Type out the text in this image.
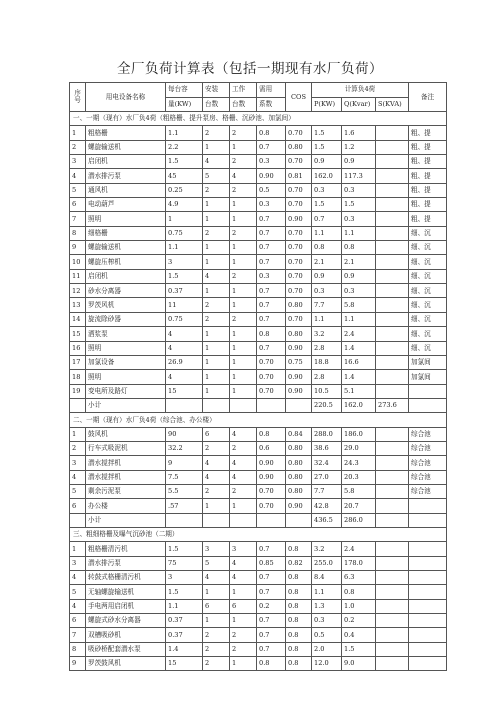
全厂负荷计算表（包括一期现有水厂负荷）
序
号	用电设备名称	每台容	安装	工作	需用	COS	计算负4荷			备注
		量(KW)	台数	台数	系数		P(KW)	Q(Kvar)	S(KVA)	
一、一期（现有）水厂负4荷（粗格栅、提升泵房、格栅、沉砂池、加氯间）										
1	粗格栅	1.1	2	2	0.8	0.70	1.5	1.6		粗、提
2	螺旋输送机	2.2	1	1	0.7	0.80	1.5	1.2		粗、提
3	启闭机	1.5	4	2	0.3	0.70	0.9	0.9		粗、提
4	潜水排污泵	45	5	4	0.90	0.81	162.0	117.3		粗、提
5	通风机	0.25	2	2	0.5	0.70	0.3	0.3		粗、提
6	电动葫芦	4.9	1	1	0.3	0.70	1.5	1.5		粗、提
7	照明	1	1	1	0.7	0.90	0.7	0.3		粗、提
8	细格栅	0.75	2	2	0.7	0.70	1.1	1.1		细、沉
9	螺旋输送机	1.1	1	1	0.7	0.70	0.8	0.8		细、沉
10	螺旋压榨机	3	1	1	0.7	0.70	2.1	2.1		细、沉
11	启闭机	1.5	4	2	0.3	0.70	0.9	0.9		细、沉
12	砂水分离器	0.37	1	1	0.7	0.70	0.3	0.3		细、沉
13	罗茨风机	11	2	1	0.7	0.80	7.7	5.8		细、沉
14	旋流除砂器	0.75	2	2	0.7	0.70	1.1	1.1		细、沉
15	洒浆泵	4	1	1	0.8	0.80	3.2	2.4		细、沉
16	照明	4	1	1	0.7	0.90	2.8	1.4		细、沉
17	加氯设备	26.9	1	1	0.70	0.75	18.8	16.6		加氯间
18	照明	4	1	1	0.70	0.90	2.8	1.4		加氯间
19	变电所及路灯	15	1	1	0.70	0.90	10.5	5.1		
	小计						220.5	162.0	273.6	
二、一期（现有）水厂负4荷（综合池、办公楼）										
1	鼓风机	90	6	4	0.8	0.84	288.0	186.0		综合池
2	行车式吸泥机	32.2	2	2	0.6	0.80	38.6	29.0		综合池
3	潜水搅拌机	9	4	4	0.90	0.80	32.4	24.3		综合池
4	潜水搅拌机	7.5	4	4	0.90	0.80	27.0	20.3		综合池
5	剩余污泥泵	5.5	2	2	0.70	0.80	7.7	5.8		综合池
6	办公楼	.57	1	1	0.70	0.90	42.8	20.7		
	小计						436.5	286.0		
三、粗细格栅及曝气沉砂池（二期）										
1	粗格栅清污机	1.5	3	3	0.7	0.8	3.2	2.4		
3	潜水排污泵	75	5	4	0.85	0.82	255.0	178.0		
4	转鼓式格栅清污机	3	4	4	0.7	0.8	8.4	6.3		
5	无轴螺旋输送机	1.5	1	1	0.7	0.8	1.1	0.8		
4	手电两用启闭机	1.1	6	6	0.2	0.8	1.3	1.0		
6	螺旋式砂水分离器	0.37	1	1	0.7	0.8	0.3	0.2		
7	双槽吸砂机	0.37	2	2	0.7	0.8	0.5	0.4		
8	吸砂桥配套潜水泵	1.4	2	2	0.7	0.8	2.0	1.5		
9	罗茨鼓风机	15	2	1	0.8	0.8	12.0	9.0		
